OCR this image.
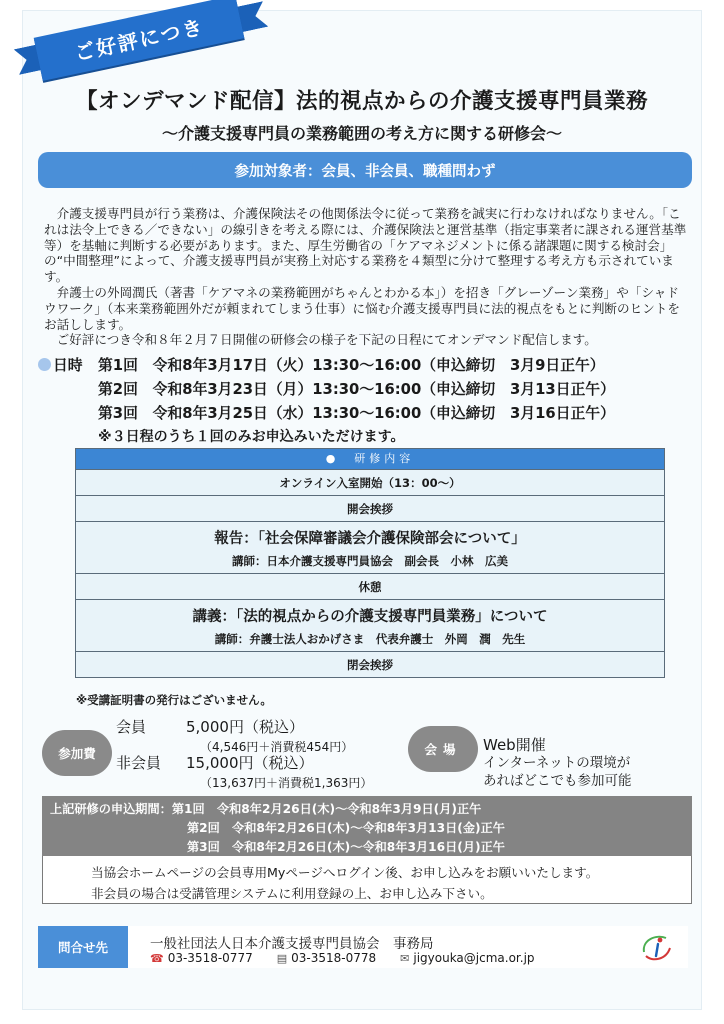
ご好評につき
【オンデマンド配信】法的視点からの介護支援専門員業務
～介護支援専門員の業務範囲の考え方に関する研修会～
参加対象者：会員、非会員、職種問わず

介護支援専門員が行う業務は、介護保険法その他関係法令に従って業務を誠実に行わなければなりません。「これは法令上できる／できない」の線引きを考える際には、介護保険法と運営基準（指定事業者に課される運営基準等）を基軸に判断する必要があります。また、厚生労働省の「ケアマネジメントに係る諸課題に関する検討会」の“中間整理”によって、介護支援専門員が実務上対応する業務を４類型に分けて整理する考え方も示されています。

弁護士の外岡潤氏（著書「ケアマネの業務範囲がちゃんとわかる本」）を招き「グレーゾーン業務」や「シャドウワーク」（本来業務範囲外だが頼まれてしまう仕事）に悩む介護支援専門員に法的視点をもとに判断のヒントをお話しします。

ご好評につき令和８年２月７日開催の研修会の様子を下記の日程にてオンデマンド配信します。

日時 第1回　令和8年3月17日（火）13:30～16:00（申込締切　3月9日正午）
第2回　令和8年3月23日（月）13:30～16:00（申込締切　3月13日正午）
第3回　令和8年3月25日（水）13:30～16:00（申込締切　3月16日正午）
※３日程のうち１回のみお申込みいただけます。
●　研修内容
オンライン入室開始（13：00～）
開会挨拶
報告：「社会保障審議会介護保険部会について」
講師：日本介護支援専門員協会　副会長　小林　広美
休憩
講義：「法的視点からの介護支援専門員業務」について
講師：弁護士法人おかげさま　代表弁護士　外岡　潤　先生
閉会挨拶
※受講証明書の発行はございません。
参加費
会員	5,000円（税込）
（4,546円＋消費税454円）
非会員 15,000円（税込）
（13,637円＋消費税1,363円）
会場	Web開催
インターネットの環境が
あればどこでも参加可能
上記研修の申込期間：第1回　令和8年2月26日(木)～令和8年3月9日(月)正午
第2回　令和8年2月26日(木)～令和8年3月13日(金)正午
第3回　令和8年2月26日(木)～令和8年3月16日(月)正午
当協会ホームページの会員専用Myページへログイン後、お申し込みをお願いいたします。
非会員の場合は受講管理システムに利用登録の上、お申し込み下さい。
問合せ先	一般社団法人日本介護支援専門員協会　事務局
☎ 03-3518-0777 ▤ 03-3518-0778 ✉ jigyouka@jcma.or.jp
